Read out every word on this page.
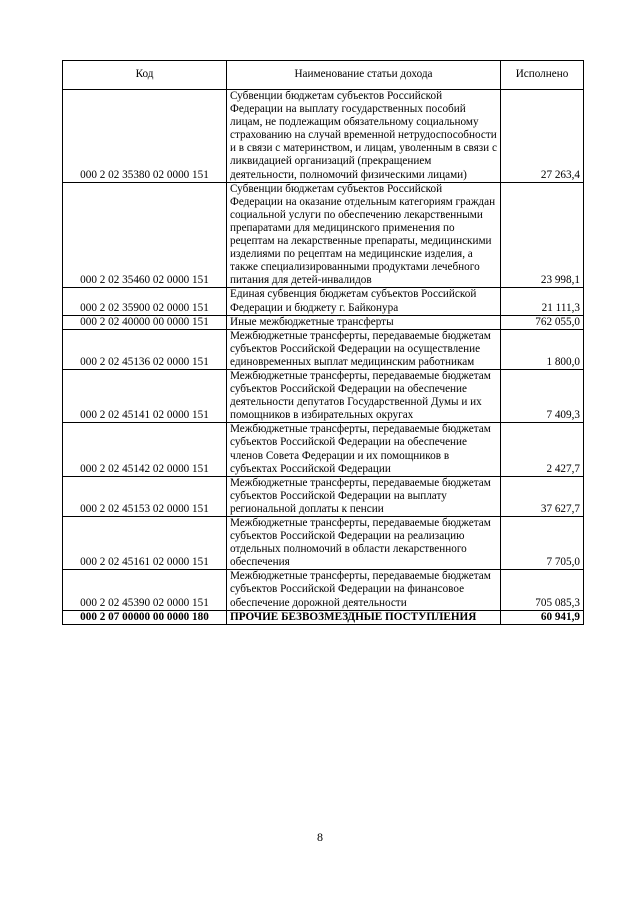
Код	Наименование статьи дохода	Исполнено
000 2 02 35380 02 0000 151	Субвенции бюджетам субъектов Российской Федерации на выплату государственных пособий лицам, не подлежащим обязательному социальному страхованию на случай временной нетрудоспособности и в связи с материнством, и лицам, уволенным в связи с ликвидацией организаций (прекращением деятельности, полномочий физическими лицами)	27 263,4
000 2 02 35460 02 0000 151	Субвенции бюджетам субъектов Российской Федерации на оказание отдельным категориям граждан социальной услуги по обеспечению лекарственными препаратами для медицинского применения по рецептам на лекарственные препараты, медицинскими изделиями по рецептам на медицинские изделия, а также специализированными продуктами лечебного питания для детей-инвалидов	23 998,1
000 2 02 35900 02 0000 151	Единая субвенция бюджетам субъектов Российской Федерации и бюджету г. Байконура	21 111,3
000 2 02 40000 00 0000 151	Иные межбюджетные трансферты	762 055,0
000 2 02 45136 02 0000 151	Межбюджетные трансферты, передаваемые бюджетам субъектов Российской Федерации на осуществление единовременных выплат медицинским работникам	1 800,0
000 2 02 45141 02 0000 151	Межбюджетные трансферты, передаваемые бюджетам субъектов Российской Федерации на обеспечение деятельности депутатов Государственной Думы и их помощников в избирательных округах	7 409,3
000 2 02 45142 02 0000 151	Межбюджетные трансферты, передаваемые бюджетам субъектов Российской Федерации на обеспечение членов Совета Федерации и их помощников в субъектах Российской Федерации	2 427,7
000 2 02 45153 02 0000 151	Межбюджетные трансферты, передаваемые бюджетам субъектов Российской Федерации на выплату региональной доплаты к пенсии	37 627,7
000 2 02 45161 02 0000 151	Межбюджетные трансферты, передаваемые бюджетам субъектов Российской Федерации на реализацию отдельных полномочий в области лекарственного обеспечения	7 705,0
000 2 02 45390 02 0000 151	Межбюджетные трансферты, передаваемые бюджетам субъектов Российской Федерации на финансовое обеспечение дорожной деятельности	705 085,3
000 2 07 00000 00 0000 180	ПРОЧИЕ БЕЗВОЗМЕЗДНЫЕ ПОСТУПЛЕНИЯ	60 941,9
8
